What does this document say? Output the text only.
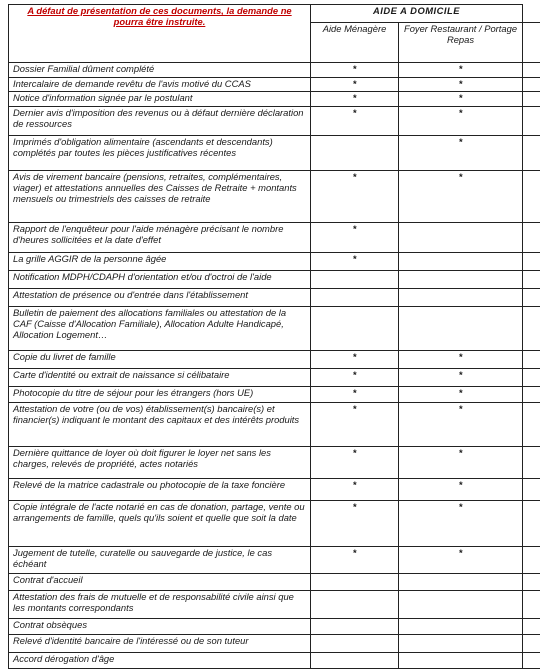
A défaut de présentation de ces documents, la demande ne pourra être instruite.	AIDE A DOMICILE		
	Aide Ménagère	Foyer Restaurant / Portage Repas	
Dossier Familial dûment complété	*	*	
Intercalaire de demande revêtu de l'avis motivé du CCAS	*	*	
Notice d'information signée par le postulant	*	*	
Dernier avis d'imposition des revenus ou à défaut dernière déclaration de ressources	*	*	
Imprimés d'obligation alimentaire (ascendants et descendants) complétés par toutes les pièces justificatives récentes		*	
Avis de virement bancaire (pensions, retraites, complémentaires, viager) et attestations annuelles des Caisses de Retraite + montants mensuels ou trimestriels des caisses de retraite	*	*	
Rapport de l'enquêteur pour l'aide ménagère précisant le nombre d'heures sollicitées et la date d'effet	*		
La grille AGGIR de la personne âgée	*		
Notification MDPH/CDAPH d'orientation et/ou d'octroi de l'aide			
Attestation de présence ou d'entrée dans l'établissement			
Bulletin de paiement des allocations familiales ou attestation de la CAF (Caisse d'Allocation Familiale), Allocation Adulte Handicapé, Allocation Logement…			
Copie du livret de famille	*	*	
Carte d'identité ou extrait de naissance si célibataire	*	*	
Photocopie du titre de séjour pour les étrangers (hors UE)	*	*	
Attestation de votre (ou de vos) établissement(s) bancaire(s) et financier(s) indiquant le montant des capitaux et des intérêts produits	*	*	
Dernière quittance de loyer où doit figurer le loyer net sans les charges, relevés de propriété, actes notariés	*	*	
Relevé de la matrice cadastrale ou photocopie de la taxe foncière	*	*	
Copie intégrale de l'acte notarié en cas de donation, partage, vente ou arrangements de famille, quels qu'ils soient et quelle que soit la date	*	*	
Jugement de tutelle, curatelle ou sauvegarde de justice, le cas échéant	*	*	
Contrat d'accueil			
Attestation des frais de mutuelle et de responsabilité civile ainsi que les montants correspondants			
Contrat obsèques			
Relevé d'identité bancaire de l'intéressé ou de son tuteur			
Accord dérogation d'âge			
